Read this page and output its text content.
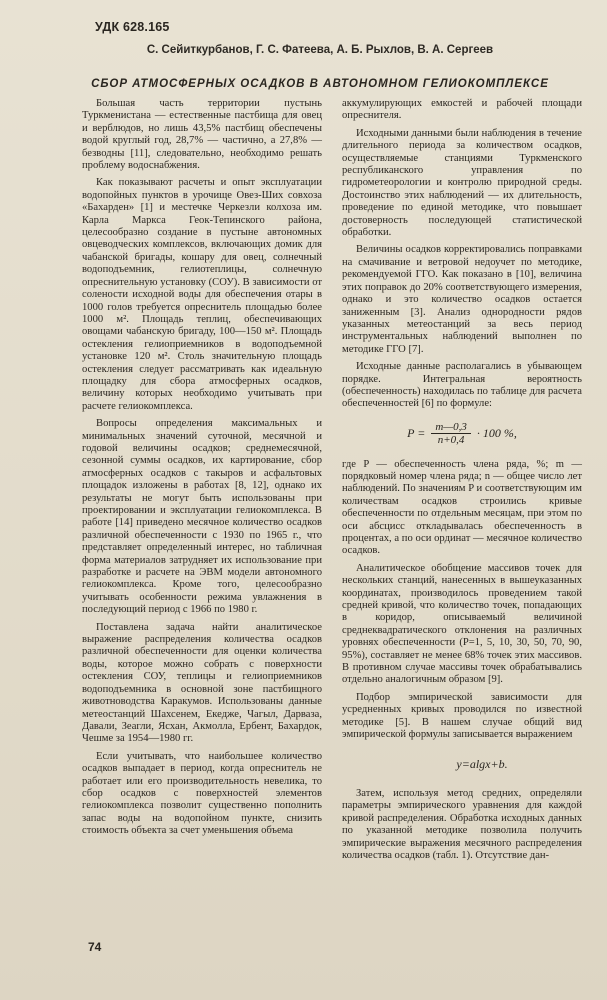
УДК 628.165
С. Сейиткурбанов, Г. С. Фатеева, А. Б. Рыхлов, В. А. Сергеев
СБОР АТМОСФЕРНЫХ ОСАДКОВ В АВТОНОМНОМ ГЕЛИОКОМПЛЕКСЕ

Большая часть территории пустынь Туркменистана — естественные пастбища для овец и верблюдов, но лишь 43,5% пастбищ обеспечены водой круглый год, 28,7% — частично, а 27,8% — безводны [11], следовательно, необходимо решать проблему водоснабжения.

Как показывают расчеты и опыт эксплуатации водопойных пунктов в урочище Овез-Ших совхоза «Бахарден» [1] и местечке Черкезли колхоза им. Карла Маркса Геок-Тепинского района, целесообразно создание в пустыне автономных овцеводческих комплексов, включающих домик для чабанской бригады, кошару для овец, солнечный водоподъемник, гелиотеплицы, солнечную опреснительную установку (СОУ). В зависимости от солености исходной воды для обеспечения отары в 1000 голов требуется опреснитель площадью более 1000 м². Площадь теплиц, обеспечивающих овощами чабанскую бригаду, 100—150 м². Площадь остекления гелиоприемников в водоподъемной установке 120 м². Столь значительную площадь остекления следует рассматривать как идеальную площадку для сбора атмосферных осадков, величину которых необходимо учитывать при расчете гелиокомплекса.

Вопросы определения максимальных и минимальных значений суточной, месячной и годовой величины осадков; среднемесячной, сезонной суммы осадков, их картирование, сбор атмосферных осадков с такыров и асфальтовых площадок изложены в работах [8, 12], однако их результаты не могут быть использованы при проектировании и эксплуатации гелиокомплекса. В работе [14] приведено месячное количество осадков различной обеспеченности с 1930 по 1965 г., что представляет определенный интерес, но табличная форма материалов затрудняет их использование при разработке и расчете на ЭВМ модели автономного гелиокомплекса. Кроме того, целесообразно учитывать особенности режима увлажнения в последующий период с 1966 по 1980 г.

Поставлена задача найти аналитическое выражение распределения количества осадков различной обеспеченности для оценки количества воды, которое можно собрать с поверхности остекления СОУ, теплицы и гелиоприемников водоподъемника в основной зоне пастбищного животноводства Каракумов. Использованы данные метеостанций Шахсенем, Екедже, Чагыл, Дарваза, Давали, Зеагли, Ясхан, Акмолла, Ербент, Бахардок, Чешме за 1954—1980 гг.

Если учитывать, что наибольшее количество осадков выпадает в период, когда опреснитель не работает или его производительность невелика, то сбор осадков с поверхностей элементов гелиокомплекса позволит существенно пополнить запас воды на водопойном пункте, снизить стоимость объекта за счет уменьшения объема

аккумулирующих емкостей и рабочей площади опреснителя.

Исходными данными были наблюдения в течение длительного периода за количеством осадков, осуществляемые станциями Туркменского республиканского управления по гидрометеорологии и контролю природной среды. Достоинство этих наблюдений — их длительность, проведение по единой методике, что повышает достоверность последующей статистической обработки.

Величины осадков корректировались поправками на смачивание и ветровой недоучет по методике, рекомендуемой ГГО. Как показано в [10], величина этих поправок до 20% соответствующего измерения, однако и это количество осадков остается заниженным [3]. Анализ однородности рядов указанных метеостанций за весь период инструментальных наблюдений выполнен по методике ГГО [7].

Исходные данные располагались в убывающем порядке. Интегральная вероятность (обеспеченность) находилась по таблице для расчета обеспеченностей [6] по формуле:

$P = \frac{m—0,3}{n+0,4} \cdot 100$ %,

где P — обеспеченность члена ряда, %; m — порядковый номер члена ряда; n — общее число лет наблюдений. По значениям P и соответствующим им количествам осадков строились кривые обеспеченности по отдельным месяцам, при этом по оси абсцисс откладывалась обеспеченность в процентах, а по оси ординат — месячное количество осадков.

Аналитическое обобщение массивов точек для нескольких станций, нанесенных в вышеуказанных координатах, производилось проведением такой средней кривой, что количество точек, попадающих в коридор, описываемый величиной среднеквадратического отклонения на различных уровнях обеспеченности (P=1, 5, 10, 30, 50, 70, 90, 95%), составляет не менее 68% точек этих массивов. В противном случае массивы точек обрабатывались отдельно аналогичным образом [9].

Подбор эмпирической зависимости для усредненных кривых проводился по известной методике [5]. В нашем случае общий вид эмпирической формулы записывается выражением

y=algx+b.

Затем, используя метод средних, определяли параметры эмпирического уравнения для каждой кривой распределения. Обработка исходных данных по указанной методике позволила получить эмпирические выражения месячного распределения количества осадков (табл. 1). Отсутствие дан-

74
